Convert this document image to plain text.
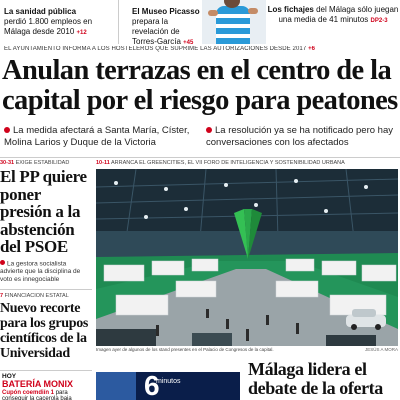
La sanidad pública
perdió 1.800 empleos en Málaga desde 2010 +12
El Museo Picasso
prepara la revelación de Torres-García +45
Los fichajes del Málaga sólo juegan una media de 41 minutos DP2-3
EL AYUNTAMIENTO INFORMA A LOS HOSTELEROS QUE SUPRIME LAS AUTORIZACIONES DESDE 2017 +6
Anulan terrazas en el centro de la
capital por el riesgo para peatones
La medida afectará a Santa María, Císter, Molina Larios y Duque de la Victoria
La resolución ya se ha notificado pero hay conversaciones con los afectados
30-31 EXIGE ESTABILIDAD
El PP quiere poner presión a la abstención del PSOE
La gestora socialista advierte que la disciplina de voto es innegociable
7 FINANCIACIÓN ESTATAL
Nuevo recorte para los grupos científicos de la Universidad
HOY
BATERÍA MONIX
Cupón coemdiín 1 para conseguir la cacerola baja
10-11 ARRANCA EL GREENCITIES, EL VII FORO DE INTELIGENCIA Y SOSTENIBILIDAD URBANA
Imagen ayer de algunos de los stand presentes en el Palacio de Congresos de la capital.	JESÚS A MORA
6
minutos
Málaga lidera el
debate de la oferta
